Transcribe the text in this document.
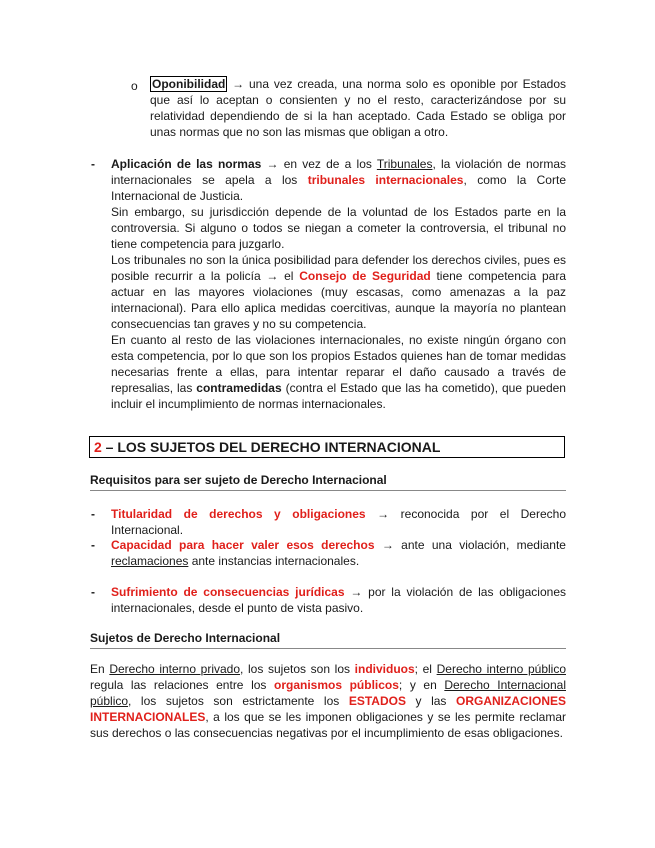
o Oponibilidad → una vez creada, una norma solo es oponible por Estados que así lo aceptan o consienten y no el resto, caracterizándose por su relatividad dependiendo de si la han aceptado. Cada Estado se obliga por unas normas que no son las mismas que obligan a otro.
- Aplicación de las normas → en vez de a los Tribunales, la violación de normas internacionales se apela a los tribunales internacionales, como la Corte Internacional de Justicia.

Sin embargo, su jurisdicción depende de la voluntad de los Estados parte en la controversia. Si alguno o todos se niegan a cometer la controversia, el tribunal no tiene competencia para juzgarlo.

Los tribunales no son la única posibilidad para defender los derechos civiles, pues es posible recurrir a la policía → el Consejo de Seguridad tiene competencia para actuar en las mayores violaciones (muy escasas, como amenazas a la paz internacional). Para ello aplica medidas coercitivas, aunque la mayoría no plantean consecuencias tan graves y no su competencia.

En cuanto al resto de las violaciones internacionales, no existe ningún órgano con esta competencia, por lo que son los propios Estados quienes han de tomar medidas necesarias frente a ellas, para intentar reparar el daño causado a través de represalias, las contramedidas (contra el Estado que las ha cometido), que pueden incluir el incumplimiento de normas internacionales.

2 – LOS SUJETOS DEL DERECHO INTERNACIONAL
Requisitos para ser sujeto de Derecho Internacional
- Titularidad de derechos y obligaciones → reconocida por el Derecho Internacional.
- Capacidad para hacer valer esos derechos → ante una violación, mediante reclamaciones ante instancias internacionales.
- Sufrimiento de consecuencias jurídicas → por la violación de las obligaciones internacionales, desde el punto de vista pasivo.
Sujetos de Derecho Internacional
En Derecho interno privado, los sujetos son los individuos; el Derecho interno público regula las relaciones entre los organismos públicos; y en Derecho Internacional público, los sujetos son estrictamente los ESTADOS y las ORGANIZACIONES INTERNACIONALES, a los que se les imponen obligaciones y se les permite reclamar sus derechos o las consecuencias negativas por el incumplimiento de esas obligaciones.
